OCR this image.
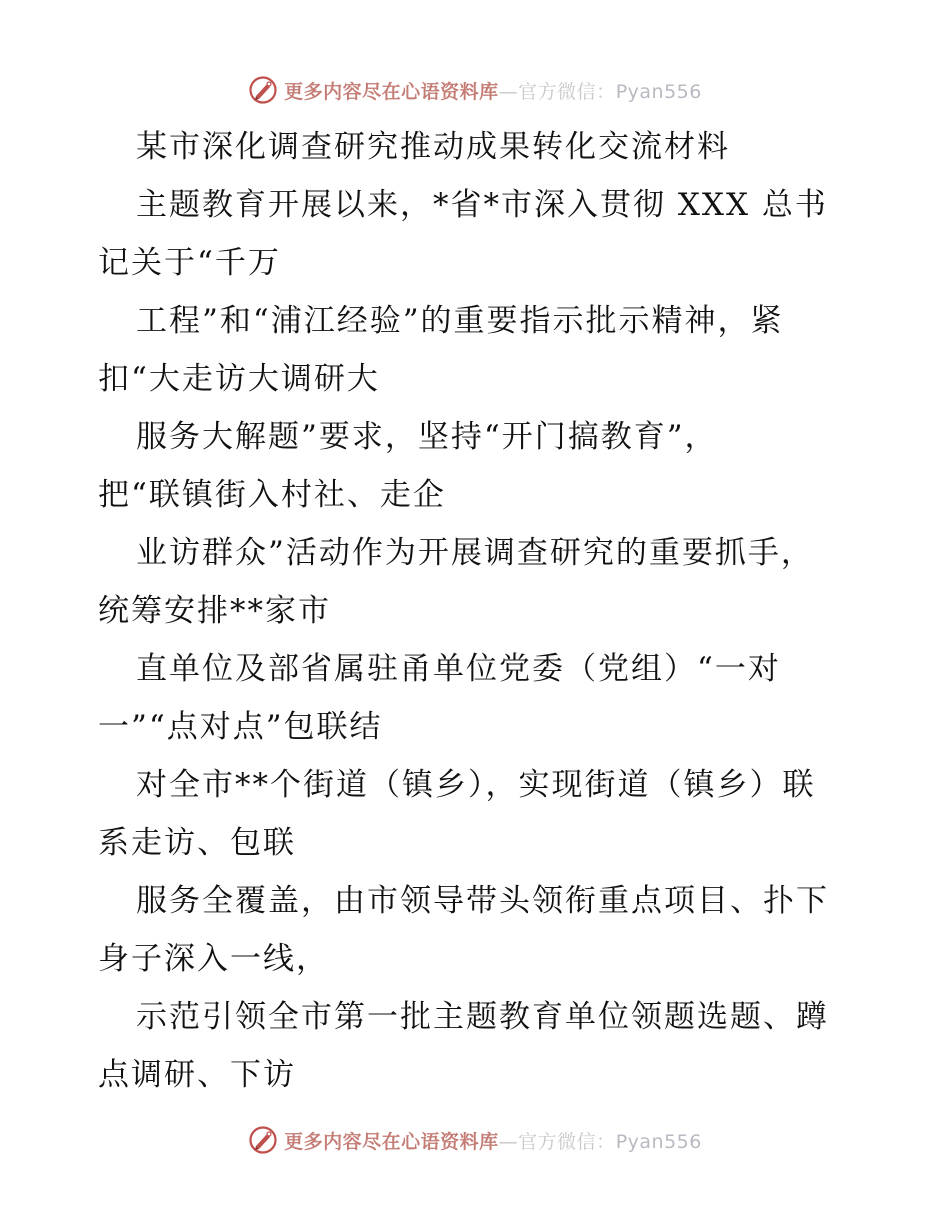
更多内容尽在心语资料库—官方微信：Pyan556
某市深化调查研究推动成果转化交流材料
主题教育开展以来，*省*市深入贯彻 XXX 总书
记关于“千万
工程”和“浦江经验”的重要指示批示精神，紧
扣“大走访大调研大
服务大解题”要求，坚持“开门搞教育”，
把“联镇街入村社、走企
业访群众”活动作为开展调查研究的重要抓手，
统筹安排**家市
直单位及部省属驻甬单位党委（党组）“一对
一”“点对点”包联结
对全市**个街道（镇乡），实现街道（镇乡）联
系走访、包联
服务全覆盖，由市领导带头领衔重点项目、扑下
身子深入一线，
示范引领全市第一批主题教育单位领题选题、蹲
点调研、下访
更多内容尽在心语资料库—官方微信：Pyan556
